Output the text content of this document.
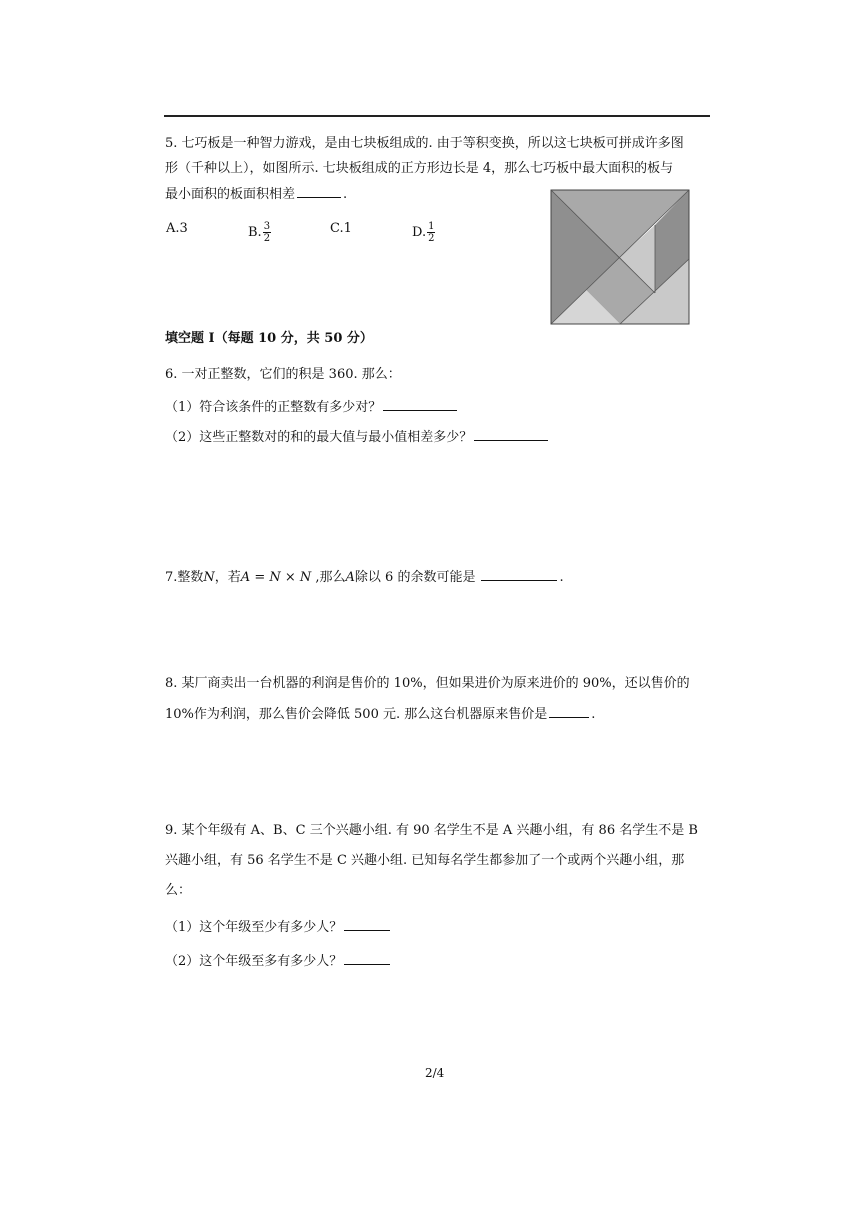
5. 七巧板是一种智力游戏，是由七块板组成的. 由于等积变换，所以这七块板可拼成许多图
形（千种以上），如图所示. 七块板组成的正方形边长是 4，那么七巧板中最大面积的板与
最小面积的板面积相差	.
A.3	B. $\frac{3}{2}$	C.1	D. $\frac{1}{2}$
填空题 I（每题 10 分，共 50 分）
6. 一对正整数，它们的积是 360. 那么：
（1）符合该条件的正整数有多少对？
（2）这些正整数对的和的最大值与最小值相差多少？
7.整数N，若A = N × N ,那么A除以 6 的余数可能是	.
8. 某厂商卖出一台机器的利润是售价的 10%，但如果进价为原来进价的 90%，还以售价的
10%作为利润，那么售价会降低 500 元. 那么这台机器原来售价是	.
9. 某个年级有 A、B、C 三个兴趣小组. 有 90 名学生不是 A 兴趣小组，有 86 名学生不是 B
兴趣小组，有 56 名学生不是 C 兴趣小组. 已知每名学生都参加了一个或两个兴趣小组，那
么：
（1）这个年级至少有多少人？
（2）这个年级至多有多少人？
2/4
